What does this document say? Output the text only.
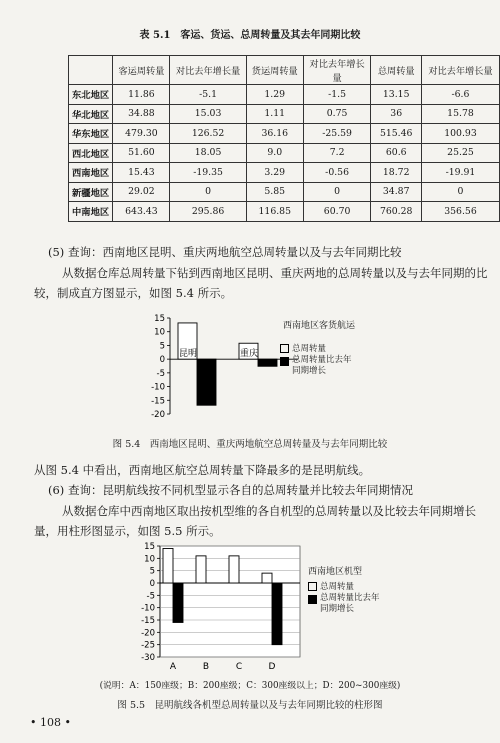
表 5.1　客运、货运、总周转量及其去年同期比较
	客运周转量	对比去年增长量	货运周转量	对比去年增长量	总周转量	对比去年增长量
东北地区	11.86	-5.1	1.29	-1.5	13.15	-6.6
华北地区	34.88	15.03	1.11	0.75	36	15.78
华东地区	479.30	126.52	36.16	-25.59	515.46	100.93
西北地区	51.60	18.05	9.0	7.2	60.6	25.25
西南地区	15.43	-19.35	3.29	-0.56	18.72	-19.91
新疆地区	29.02	0	5.85	0	34.87	0
中南地区	643.43	295.86	116.85	60.70	760.28	356.56
(5) 查询：西南地区昆明、重庆两地航空总周转量以及与去年同期比较
从数据仓库总周转量下钻到西南地区昆明、重庆两地的总周转量以及与去年同期的比
较，制成直方图显示，如图 5.4 所示。
15
10
5
0
-5
-10
-15
-20
昆明	重庆
西南地区客货航运
总周转量
总周转量比去年同期增长
图 5.4　西南地区昆明、重庆两地航空总周转量及与去年同期比较
从图 5.4 中看出，西南地区航空总周转量下降最多的是昆明航线。
(6) 查询：昆明航线按不同机型显示各自的总周转量并比较去年同期情况
从数据仓库中西南地区取出按机型维的各自机型的总周转量以及比较去年同期增长
量，用柱形图显示，如图 5.5 所示。
15
10
5
0
-5
-10
-15
-20
-25
-30
A	B	C	D
西南地区机型
总周转量
总周转量比去年同期增长
(说明：A：150座级；B：200座级；C：300座级以上；D：200~300座级)
图 5.5　昆明航线各机型总周转量以及与去年同期比较的柱形图
• 108 •
